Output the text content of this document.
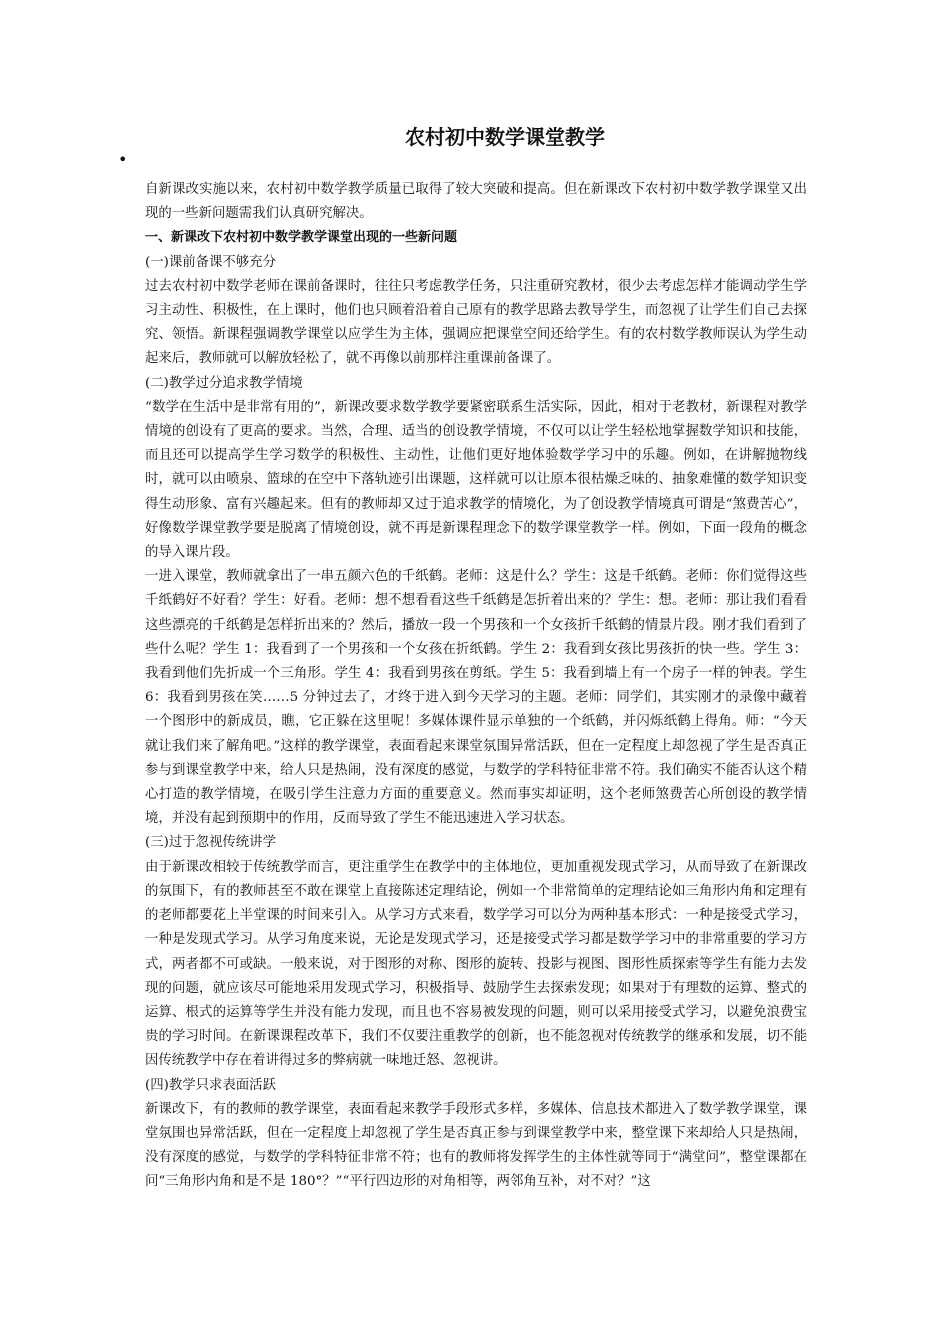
农村初中数学课堂教学
•

自新课改实施以来，农村初中数学教学质量已取得了较大突破和提高。但在新课改下农村初中数学教学课堂又出现的一些新问题需我们认真研究解决。

一、新课改下农村初中数学教学课堂出现的一些新问题

(一)课前备课不够充分

过去农村初中数学老师在课前备课时，往往只考虑教学任务，只注重研究教材，很少去考虑怎样才能调动学生学习主动性、积极性，在上课时，他们也只顾着沿着自己原有的教学思路去教导学生，而忽视了让学生们自己去探究、领悟。新课程强调教学课堂以应学生为主体，强调应把课堂空间还给学生。有的农村数学教师误认为学生动起来后，教师就可以解放轻松了，就不再像以前那样注重课前备课了。

(二)教学过分追求教学情境

“数学在生活中是非常有用的”，新课改要求数学教学要紧密联系生活实际，因此，相对于老教材，新课程对教学情境的创设有了更高的要求。当然，合理、适当的创设教学情境，不仅可以让学生轻松地掌握数学知识和技能，而且还可以提高学生学习数学的积极性、主动性，让他们更好地体验数学学习中的乐趣。例如，在讲解抛物线时，就可以由喷泉、篮球的在空中下落轨迹引出课题，这样就可以让原本很枯燥乏味的、抽象难懂的数学知识变得生动形象、富有兴趣起来。但有的教师却又过于追求教学的情境化，为了创设教学情境真可谓是“煞费苦心”，好像数学课堂教学要是脱离了情境创设，就不再是新课程理念下的数学课堂教学一样。例如，下面一段角的概念的导入课片段。

一进入课堂，教师就拿出了一串五颜六色的千纸鹤。老师：这是什么？学生：这是千纸鹤。老师：你们觉得这些千纸鹤好不好看？学生：好看。老师：想不想看看这些千纸鹤是怎折着出来的？学生：想。老师：那让我们看看这些漂亮的千纸鹤是怎样折出来的？然后，播放一段一个男孩和一个女孩折千纸鹤的情景片段。刚才我们看到了些什么呢？学生 1：我看到了一个男孩和一个女孩在折纸鹤。学生 2：我看到女孩比男孩折的快一些。学生 3：我看到他们先折成一个三角形。学生 4：我看到男孩在剪纸。学生 5：我看到墙上有一个房子一样的钟表。学生 6：我看到男孩在笑……5 分钟过去了，才终于进入到今天学习的主题。老师：同学们，其实刚才的录像中藏着一个图形中的新成员，瞧，它正躲在这里呢！多媒体课件显示单独的一个纸鹤，并闪烁纸鹤上得角。师：“今天就让我们来了解角吧。”这样的教学课堂，表面看起来课堂氛围异常活跃，但在一定程度上却忽视了学生是否真正参与到课堂教学中来，给人只是热闹，没有深度的感觉，与数学的学科特征非常不符。我们确实不能否认这个精心打造的教学情境，在吸引学生注意力方面的重要意义。然而事实却证明，这个老师煞费苦心所创设的教学情境，并没有起到预期中的作用，反而导致了学生不能迅速进入学习状态。

(三)过于忽视传统讲学

由于新课改相较于传统教学而言，更注重学生在教学中的主体地位，更加重视发现式学习，从而导致了在新课改的氛围下，有的教师甚至不敢在课堂上直接陈述定理结论，例如一个非常简单的定理结论如三角形内角和定理有的老师都要花上半堂课的时间来引入。从学习方式来看，数学学习可以分为两种基本形式：一种是接受式学习，一种是发现式学习。从学习角度来说，无论是发现式学习，还是接受式学习都是数学学习中的非常重要的学习方式，两者都不可或缺。一般来说，对于图形的对称、图形的旋转、投影与视图、图形性质探索等学生有能力去发现的问题，就应该尽可能地采用发现式学习，积极指导、鼓励学生去探索发现；如果对于有理数的运算、整式的运算、根式的运算等学生并没有能力发现，而且也不容易被发现的问题，则可以采用接受式学习，以避免浪费宝贵的学习时间。在新课课程改革下，我们不仅要注重教学的创新，也不能忽视对传统教学的继承和发展，切不能因传统教学中存在着讲得过多的弊病就一味地迁怒、忽视讲。

(四)教学只求表面活跃

新课改下，有的教师的教学课堂，表面看起来教学手段形式多样，多媒体、信息技术都进入了数学教学课堂，课堂氛围也异常活跃，但在一定程度上却忽视了学生是否真正参与到课堂教学中来，整堂课下来却给人只是热闹，没有深度的感觉，与数学的学科特征非常不符；也有的教师将发挥学生的主体性就等同于“满堂问”，整堂课都在问“三角形内角和是不是 180°？”“平行四边形的对角相等，两邻角互补，对不对？”这
